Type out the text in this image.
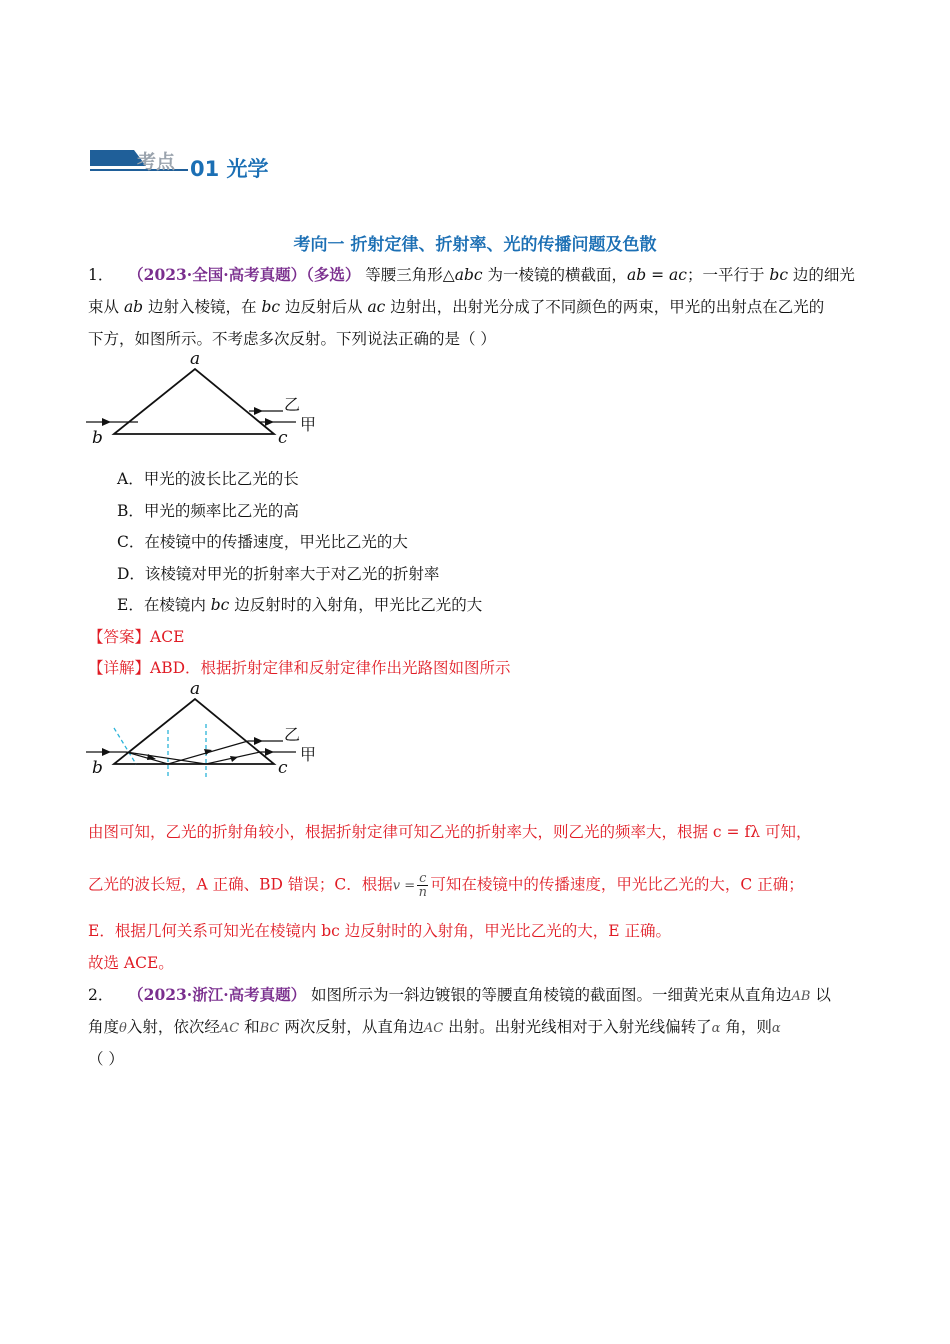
考点 01 光学
考向一 折射定律、折射率、光的传播问题及色散
1． （2023·全国·高考真题）（多选） 等腰三角形△abc 为一棱镜的横截面，ab = ac；一平行于 bc 边的细光
束从 ab 边射入棱镜，在 bc 边反射后从 ac 边射出，出射光分成了不同颜色的两束，甲光的出射点在乙光的
下方，如图所示。不考虑多次反射。下列说法正确的是（ ）
a
b	c
乙
甲
A．甲光的波长比乙光的长
B．甲光的频率比乙光的高
C．在棱镜中的传播速度，甲光比乙光的大
D．该棱镜对甲光的折射率大于对乙光的折射率
E．在棱镜内 bc 边反射时的入射角，甲光比乙光的大
【答案】ACE
【详解】ABD．根据折射定律和反射定律作出光路图如图所示
a
b	c
乙
甲
由图可知，乙光的折射角较小，根据折射定律可知乙光的折射率大，则乙光的频率大，根据 c = fλ 可知，
乙光的波长短，A 正确、BD 错误；C．根据$v = \frac{c}{n}$ 可知在棱镜中的传播速度，甲光比乙光的大，C 正确；
E．根据几何关系可知光在棱镜内 bc 边反射时的入射角，甲光比乙光的大，E 正确。
故选 ACE。
2． （2023·浙江·高考真题） 如图所示为一斜边镀银的等腰直角棱镜的截面图。一细黄光束从直角边AB 以
角度θ入射，依次经AC 和BC 两次反射，从直角边AC 出射。出射光线相对于入射光线偏转了α 角，则α
（ ）
